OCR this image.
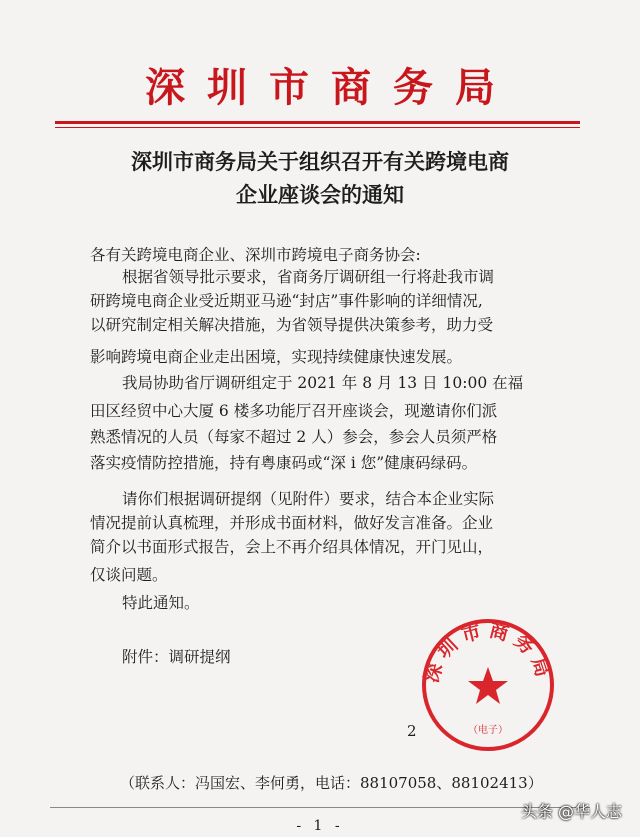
深圳市商务局
深圳市商务局关于组织召开有关跨境电商
企业座谈会的通知
各有关跨境电商企业、深圳市跨境电子商务协会:
根据省领导批示要求，省商务厅调研组一行将赴我市调
研跨境电商企业受近期亚马逊“封店”事件影响的详细情况,
以研究制定相关解决措施，为省领导提供决策参考，助力受
影响跨境电商企业走出困境，实现持续健康快速发展。
我局协助省厅调研组定于 2021 年 8 月 13 日 10:00 在福
田区经贸中心大厦 6 楼多功能厅召开座谈会，现邀请你们派
熟悉情况的人员（每家不超过 2 人）参会，参会人员须严格
落实疫情防控措施，持有粤康码或“深 i 您”健康码绿码。
请你们根据调研提纲（见附件）要求，结合本企业实际
情况提前认真梳理，并形成书面材料，做好发言准备。企业
简介以书面形式报告，会上不再介绍具体情况，开门见山，
仅谈问题。
特此通知。
附件：调研提纲	深圳市商务局
（电子）
2
（联系人：冯国宏、李何勇，电话：88107058、88102413）
- 1 -
头条 @华人志
